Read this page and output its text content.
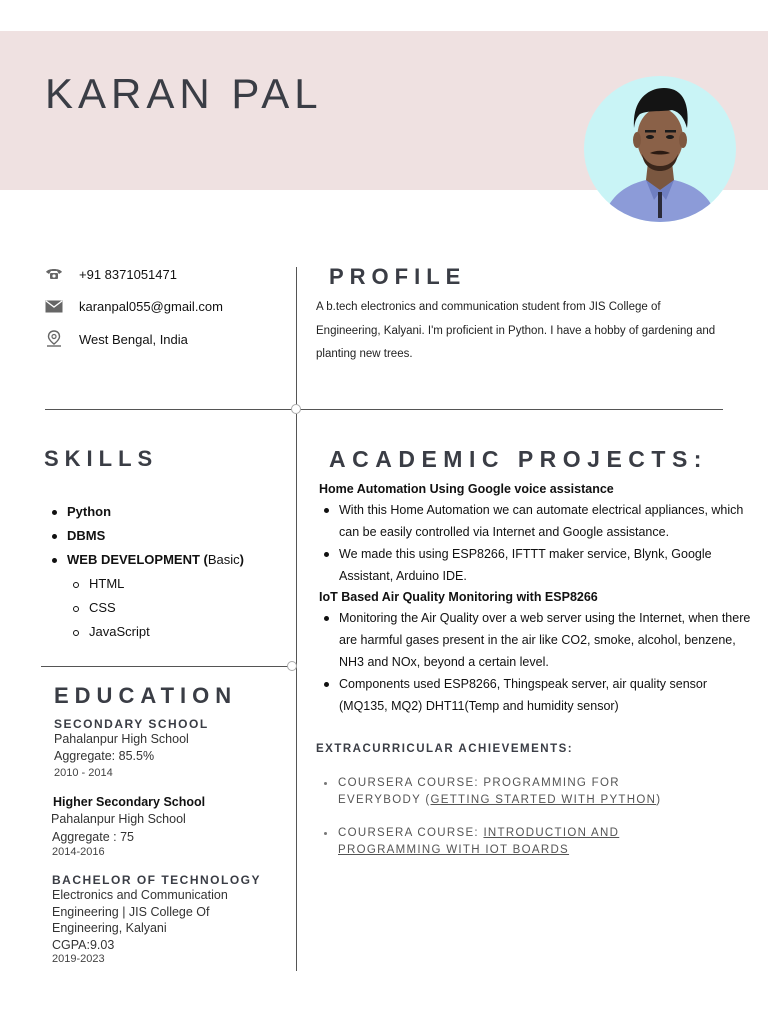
KARAN PAL
+91 8371051471
karanpal055@gmail.com
West Bengal, India
PROFILE
A b.tech electronics and communication student from JIS College of Engineering, Kalyani. I'm proficient in Python. I have a hobby of gardening and planting new trees.
SKILLS
Python
DBMS
WEB DEVELOPMENT (Basic)
HTML
CSS
JavaScript
EDUCATION
SECONDARY SCHOOL
Pahalanpur High School
Aggregate: 85.5%
2010 - 2014
Higher Secondary School
Pahalanpur High School
Aggregate : 75
2014-2016
BACHELOR OF TECHNOLOGY
Electronics and Communication
Engineering | JIS College Of
Engineering, Kalyani
CGPA:9.03
2019-2023
ACADEMIC PROJECTS:
Home Automation Using Google voice assistance
With this Home Automation we can automate electrical appliances, which can be easily controlled via Internet and Google assistance.
We made this using ESP8266, IFTTT maker service, Blynk, Google Assistant, Arduino IDE.
IoT Based Air Quality Monitoring with ESP8266
Monitoring the Air Quality over a web server using the Internet, when there are harmful gases present in the air like CO2, smoke, alcohol, benzene, NH3 and NOx, beyond a certain level.
Components used ESP8266, Thingspeak server, air quality sensor (MQ135, MQ2) DHT11(Temp and humidity sensor)
EXTRACURRICULAR ACHIEVEMENTS:
COURSERA COURSE: PROGRAMMING FOR EVERYBODY (GETTING STARTED WITH PYTHON)
COURSERA COURSE: INTRODUCTION AND PROGRAMMING WITH IOT BOARDS
